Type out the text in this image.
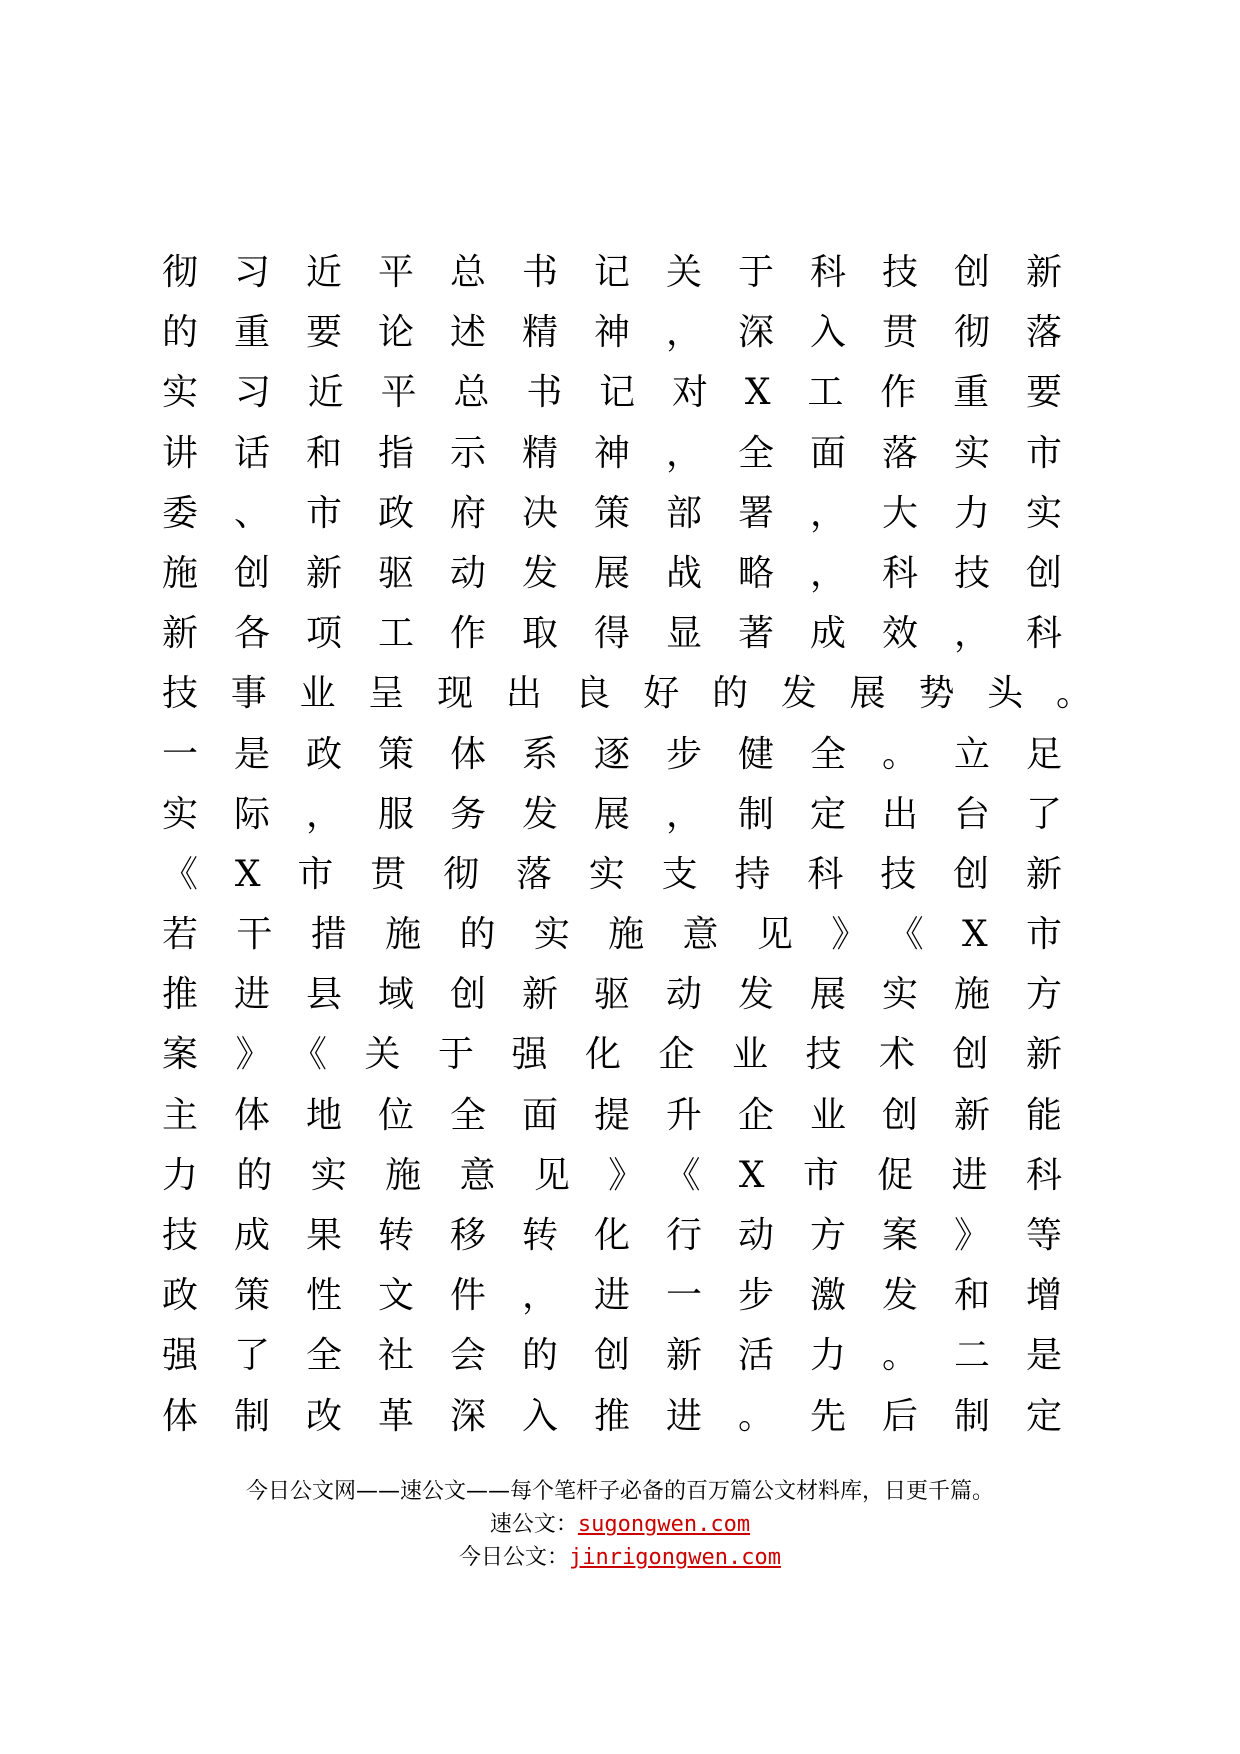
彻习近平总书记关于科技创新
的重要论述精神，深入贯彻落
实习近平总书记对X工作重要
讲话和指示精神，全面落实市
委、市政府决策部署，大力实
施创新驱动发展战略，科技创
新各项工作取得显著成效，科
技事业呈现出良好的发展势头。
一是政策体系逐步健全。立足
实际，服务发展，制定出台了
《X市贯彻落实支持科技创新
若干措施的实施意见》《X市
推进县域创新驱动发展实施方
案》《关于强化企业技术创新
主体地位全面提升企业创新能
力的实施意见》《X市促进科
技成果转移转化行动方案》等
政策性文件，进一步激发和增
强了全社会的创新活力。二是
体制改革深入推进。先后制定
今日公文网——速公文——每个笔杆子必备的百万篇公文材料库，日更千篇。
速公文：sugongwen.com
今日公文：jinrigongwen.com
